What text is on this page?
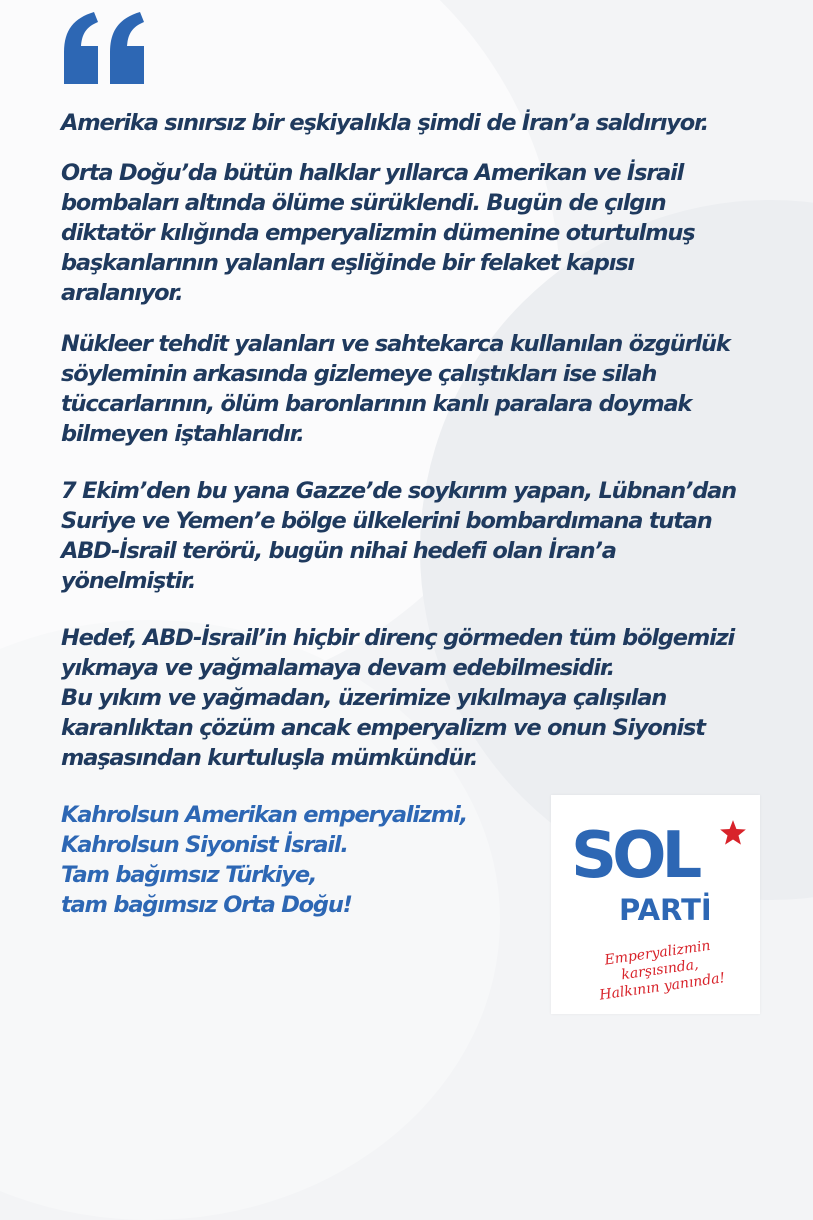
Amerika sınırsız bir eşkiyalıkla şimdi de İran’a saldırıyor.

Orta Doğu’da bütün halklar yıllarca Amerikan ve İsrail
bombaları altında ölüme sürüklendi. Bugün de çılgın
diktatör kılığında emperyalizmin dümenine oturtulmuş
başkanlarının yalanları eşliğinde bir felaket kapısı
aralanıyor.

Nükleer tehdit yalanları ve sahtekarca kullanılan özgürlük
söyleminin arkasında gizlemeye çalıştıkları ise silah
tüccarlarının, ölüm baronlarının kanlı paralara doymak
bilmeyen iştahlarıdır.

7 Ekim’den bu yana Gazze’de soykırım yapan, Lübnan’dan
Suriye ve Yemen’e bölge ülkelerini bombardımana tutan
ABD-İsrail terörü, bugün nihai hedefi olan İran’a
yönelmiştir.

Hedef, ABD-İsrail’in hiçbir direnç görmeden tüm bölgemizi
yıkmaya ve yağmalamaya devam edebilmesidir.
Bu yıkım ve yağmadan, üzerimize yıkılmaya çalışılan
karanlıktan çözüm ancak emperyalizm ve onun Siyonist
maşasından kurtuluşla mümkündür.

Kahrolsun Amerikan emperyalizmi,
Kahrolsun Siyonist İsrail.
Tam bağımsız Türkiye,
tam bağımsız Orta Doğu!

SOL
PARTİ
Emperyalizmin
karşısında,
Halkının yanında!
